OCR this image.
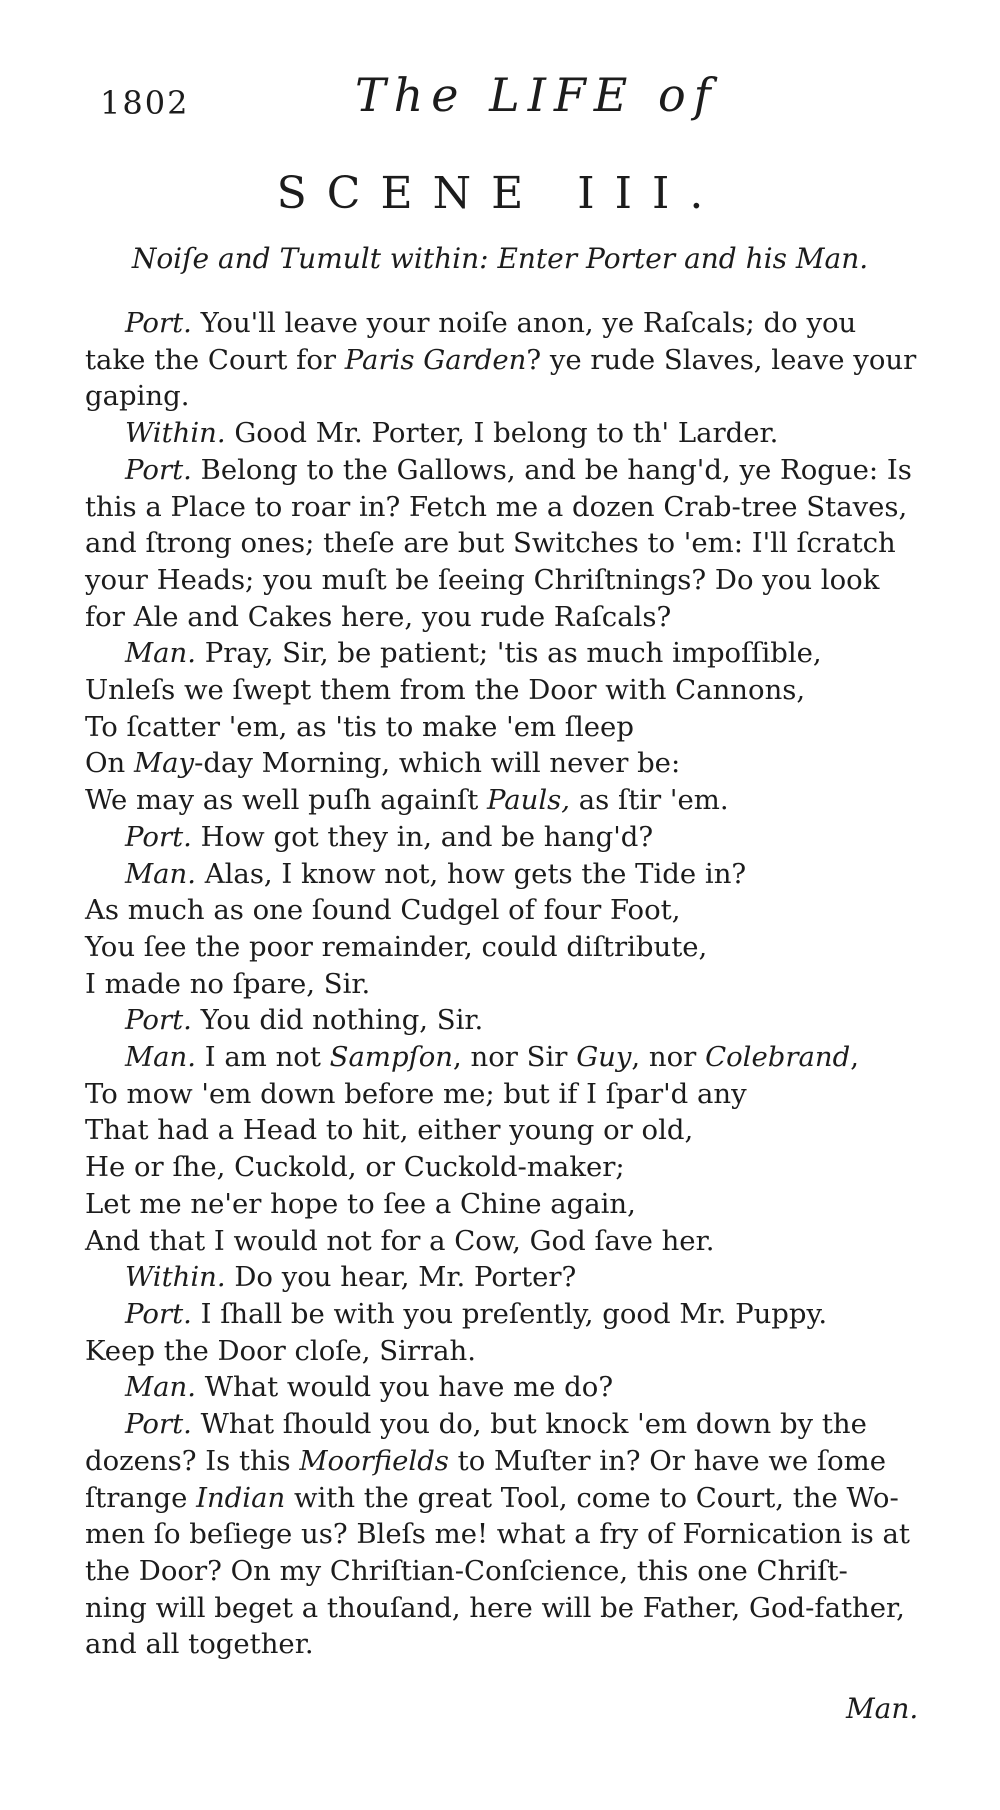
1802	The LIFE of
SCENE III.
Noiſe and Tumult within: Enter Porter and his Man.
Port. You'll leave your noiſe anon, ye Raſcals; do you
take the Court for Paris Garden? ye rude Slaves, leave your
gaping.
Within. Good Mr. Porter, I belong to th' Larder.
Port. Belong to the Gallows, and be hang'd, ye Rogue: Is
this a Place to roar in? Fetch me a dozen Crab-tree Staves,
and ſtrong ones; theſe are but Switches to 'em: I'll ſcratch
your Heads; you muſt be ſeeing Chriſtnings? Do you look
for Ale and Cakes here, you rude Raſcals?
Man. Pray, Sir, be patient; 'tis as much impoſſible,
Unleſs we ſwept them from the Door with Cannons,
To ſcatter 'em, as 'tis to make 'em ſleep
On May-day Morning, which will never be:
We may as well puſh againſt Pauls, as ſtir 'em.
Port. How got they in, and be hang'd?
Man. Alas, I know not, how gets the Tide in?
As much as one ſound Cudgel of four Foot,
You ſee the poor remainder, could diſtribute,
I made no ſpare, Sir.
Port. You did nothing, Sir.
Man. I am not Sampſon, nor Sir Guy, nor Colebrand,
To mow 'em down before me; but if I ſpar'd any
That had a Head to hit, either young or old,
He or ſhe, Cuckold, or Cuckold-maker;
Let me ne'er hope to ſee a Chine again,
And that I would not for a Cow, God ſave her.
Within. Do you hear, Mr. Porter?
Port. I ſhall be with you preſently, good Mr. Puppy.
Keep the Door cloſe, Sirrah.
Man. What would you have me do?
Port. What ſhould you do, but knock 'em down by the
dozens? Is this Moorfields to Muſter in? Or have we ſome
ſtrange Indian with the great Tool, come to Court, the Wo-
men ſo beſiege us? Bleſs me! what a fry of Fornication is at
the Door? On my Chriſtian-Conſcience, this one Chriſt-
ning will beget a thouſand, here will be Father, God-father,
and all together.
Man.
